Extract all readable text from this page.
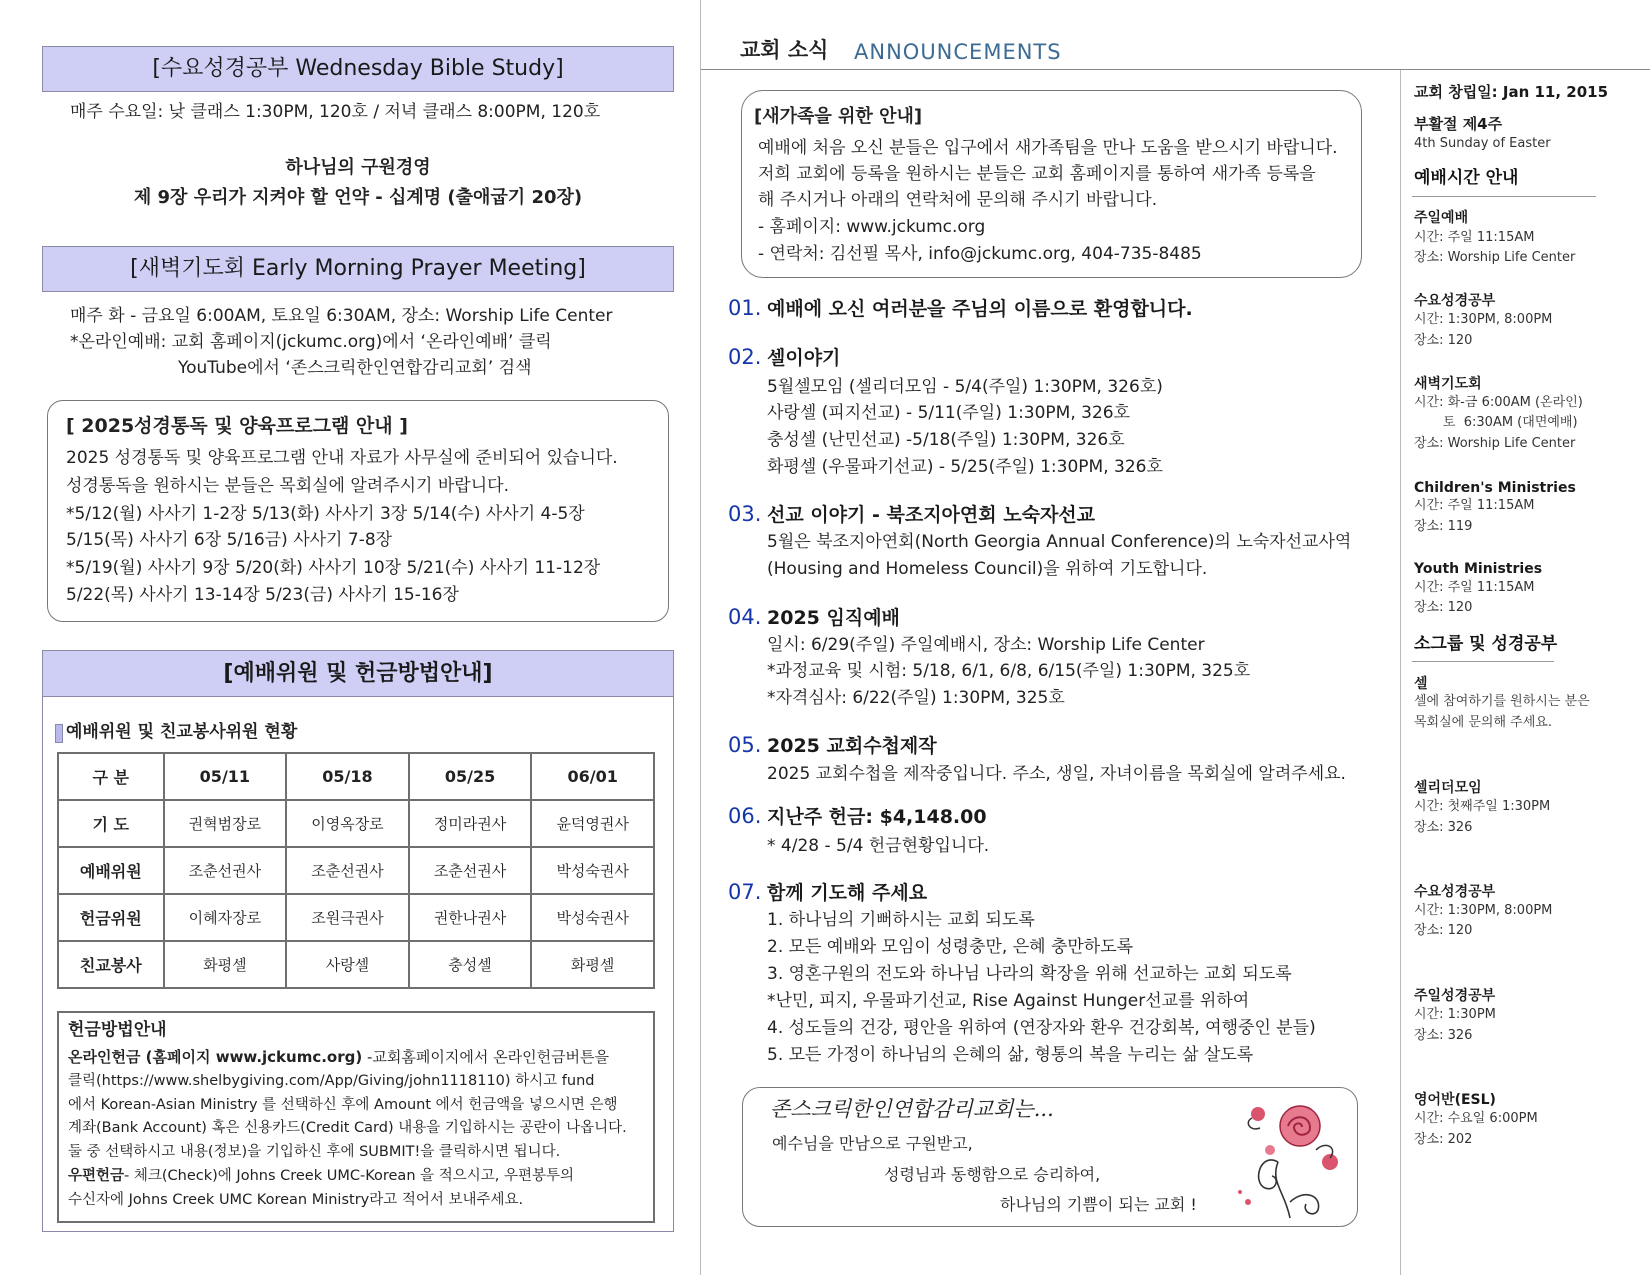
[수요성경공부 Wednesday Bible Study]
매주 수요일: 낮 클래스 1:30PM, 120호 / 저녁 클래스 8:00PM, 120호
하나님의 구원경영
제 9장 우리가 지켜야 할 언약 - 십계명 (출애굽기 20장)
[새벽기도회 Early Morning Prayer Meeting]
매주 화 - 금요일 6:00AM, 토요일 6:30AM, 장소: Worship Life Center
*온라인예배: 교회 홈페이지(jckumc.org)에서 ‘온라인예배’ 클릭
YouTube에서 ‘존스크릭한인연합감리교회’ 검색
[ 2025성경통독 및 양육프로그램 안내 ]
2025 성경통독 및 양육프로그램 안내 자료가 사무실에 준비되어 있습니다.
성경통독을 원하시는 분들은 목회실에 알려주시기 바랍니다.
*5/12(월) 사사기 1-2장 5/13(화) 사사기 3장 5/14(수) 사사기 4-5장
5/15(목) 사사기 6장 5/16금) 사사기 7-8장
*5/19(월) 사사기 9장 5/20(화) 사사기 10장 5/21(수) 사사기 11-12장
5/22(목) 사사기 13-14장 5/23(금) 사사기 15-16장
[예배위원 및 헌금방법안내]
예배위원 및 친교봉사위원 현황
구 분	05/11	05/18	05/25	06/01
기 도	권혁범장로	이영옥장로	정미라권사	윤덕영권사
예배위원	조춘선권사	조춘선권사	조춘선권사	박성숙권사
헌금위원	이혜자장로	조원극권사	권한나권사	박성숙권사
친교봉사	화평셀	사랑셀	충성셀	화평셀
헌금방법안내
온라인헌금 (홈페이지 www.jckumc.org) -교회홈페이지에서 온라인헌금버튼을
클릭(https://www.shelbygiving.com/App/Giving/john1118110) 하시고 fund
에서 Korean-Asian Ministry 를 선택하신 후에 Amount 에서 헌금액을 넣으시면 은행
계좌(Bank Account) 혹은 신용카드(Credit Card) 내용을 기입하시는 공란이 나옵니다.
둘 중 선택하시고 내용(정보)을 기입하신 후에 SUBMIT!을 클릭하시면 됩니다.
우편헌금- 체크(Check)에 Johns Creek UMC-Korean 을 적으시고, 우편봉투의
수신자에 Johns Creek UMC Korean Ministry라고 적어서 보내주세요.
교회 소식 ANNOUNCEMENTS
[새가족을 위한 안내]
예배에 처음 오신 분들은 입구에서 새가족팀을 만나 도움을 받으시기 바랍니다.
저희 교회에 등록을 원하시는 분들은 교회 홈페이지를 통하여 새가족 등록을
해 주시거나 아래의 연락처에 문의해 주시기 바랍니다.
- 홈페이지: www.jckumc.org
- 연락처: 김선필 목사, info@jckumc.org, 404-735-8485
01. 예배에 오신 여러분을 주님의 이름으로 환영합니다.
02. 셀이야기
5월셀모임 (셀리더모임 - 5/4(주일) 1:30PM, 326호)
사랑셀 (피지선교) - 5/11(주일) 1:30PM, 326호
충성셀 (난민선교) -5/18(주일) 1:30PM, 326호
화평셀 (우물파기선교) - 5/25(주일) 1:30PM, 326호
03. 선교 이야기 - 북조지아연회 노숙자선교
5월은 북조지아연회(North Georgia Annual Conference)의 노숙자선교사역
(Housing and Homeless Council)을 위하여 기도합니다.
04. 2025 임직예배
일시: 6/29(주일) 주일예배시, 장소: Worship Life Center
*과정교육 및 시험: 5/18, 6/1, 6/8, 6/15(주일) 1:30PM, 325호
*자격심사: 6/22(주일) 1:30PM, 325호
05. 2025 교회수첩제작
2025 교회수첩을 제작중입니다. 주소, 생일, 자녀이름을 목회실에 알려주세요.
06. 지난주 헌금: $4,148.00
* 4/28 - 5/4 헌금현황입니다.
07. 함께 기도해 주세요
1. 하나님의 기뻐하시는 교회 되도록
2. 모든 예배와 모임이 성령충만, 은혜 충만하도록
3. 영혼구원의 전도와 하나님 나라의 확장을 위해 선교하는 교회 되도록
*난민, 피지, 우물파기선교, Rise Against Hunger선교를 위하여
4. 성도들의 건강, 평안을 위하여 (연장자와 환우 건강회복, 여행중인 분들)
5. 모든 가정이 하나님의 은혜의 삶, 형통의 복을 누리는 삶 살도록
존스크릭한인연합감리교회는...
예수님을 만남으로 구원받고,
성령님과 동행함으로 승리하여,
하나님의 기쁨이 되는 교회 !
교회 창립일: Jan 11, 2015
부활절 제4주
4th Sunday of Easter
예배시간 안내
주일예배
시간: 주일 11:15AM
장소: Worship Life Center
수요성경공부
시간: 1:30PM, 8:00PM
장소: 120
새벽기도회
시간: 화-금 6:00AM (온라인)
토  6:30AM (대면예배)
장소: Worship Life Center
Children's Ministries
시간: 주일 11:15AM
장소: 119
Youth Ministries
시간: 주일 11:15AM
장소: 120
소그룹 및 성경공부
셀
셀에 참여하기를 원하시는 분은
목회실에 문의해 주세요.
셀리더모임
시간: 첫째주일 1:30PM
장소: 326
수요성경공부
시간: 1:30PM, 8:00PM
장소: 120
주일성경공부
시간: 1:30PM
장소: 326
영어반(ESL)
시간: 수요일 6:00PM
장소: 202
